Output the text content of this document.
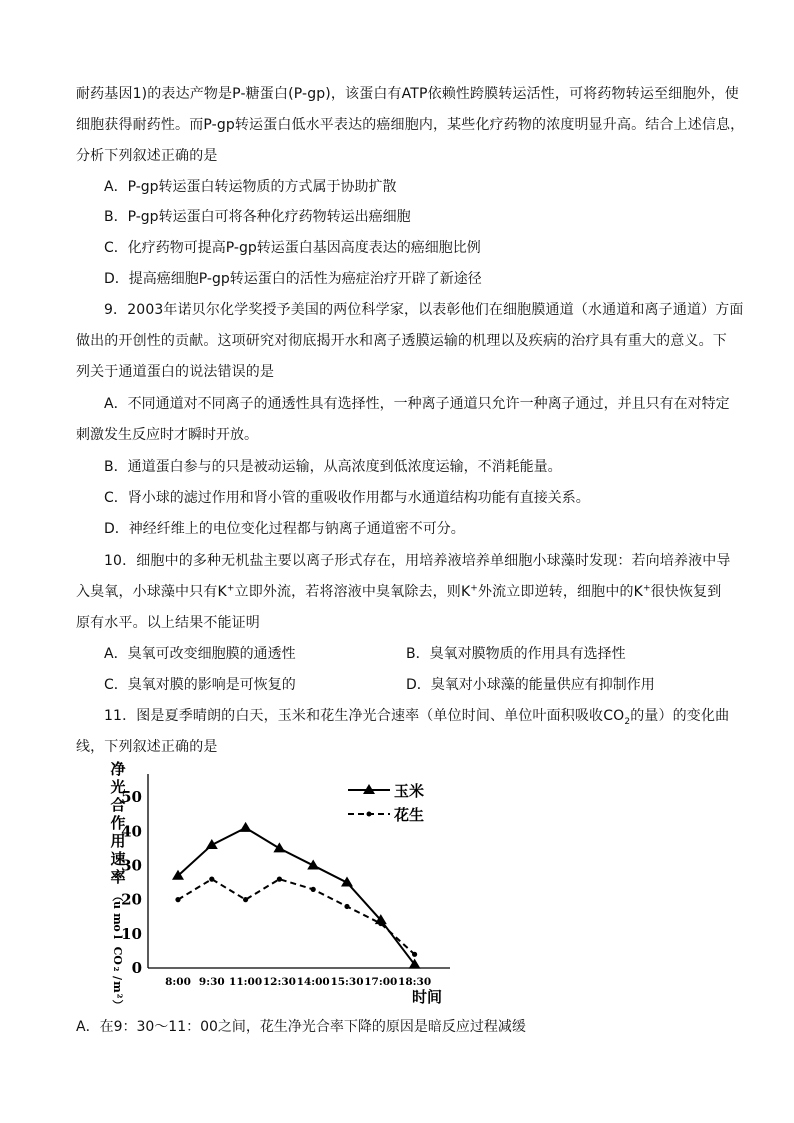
耐药基因1)的表达产物是P-糖蛋白(P-gp)，该蛋白有ATP依赖性跨膜转运活性，可将药物转运至细胞外，使
细胞获得耐药性。而P-gp转运蛋白低水平表达的癌细胞内，某些化疗药物的浓度明显升高。结合上述信息，
分析下列叙述正确的是
A．P-gp转运蛋白转运物质的方式属于协助扩散
B．P-gp转运蛋白可将各种化疗药物转运出癌细胞
C．化疗药物可提高P-gp转运蛋白基因高度表达的癌细胞比例
D．提高癌细胞P-gp转运蛋白的活性为癌症治疗开辟了新途径
9．2003年诺贝尔化学奖授予美国的两位科学家，以表彰他们在细胞膜通道（水通道和离子通道）方面
做出的开创性的贡献。这项研究对彻底揭开水和离子透膜运输的机理以及疾病的治疗具有重大的意义。下
列关于通道蛋白的说法错误的是
A．不同通道对不同离子的通透性具有选择性，一种离子通道只允许一种离子通过，并且只有在对特定
刺激发生反应时才瞬时开放。
B．通道蛋白参与的只是被动运输，从高浓度到低浓度运输，不消耗能量。
C．肾小球的滤过作用和肾小管的重吸收作用都与水通道结构功能有直接关系。
D．神经纤维上的电位变化过程都与钠离子通道密不可分。
10．细胞中的多种无机盐主要以离子形式存在，用培养液培养单细胞小球藻时发现：若向培养液中导
入臭氧，小球藻中只有K+立即外流，若将溶液中臭氧除去，则K+外流立即逆转，细胞中的K+很快恢复到
原有水平。以上结果不能证明
A．臭氧可改变细胞膜的通透性	B．臭氧对膜物质的作用具有选择性
C．臭氧对膜的影响是可恢复的	D．臭氧对小球藻的能量供应有抑制作用
11．图是夏季晴朗的白天，玉米和花生净光合速率（单位时间、单位叶面积吸收$CO_2$的量）的变化曲
线，下列叙述正确的是
净
光
合
作
用
速
率
（
u
m
o
l
C
O
₂
/
m
²
）
0
10
20
30
40
50
8:00 9:30 11:00 12:30 14:00 15:30 17:00 18:30
时间
玉米
花生
A．在9：30～11：00之间，花生净光合率下降的原因是暗反应过程减缓
